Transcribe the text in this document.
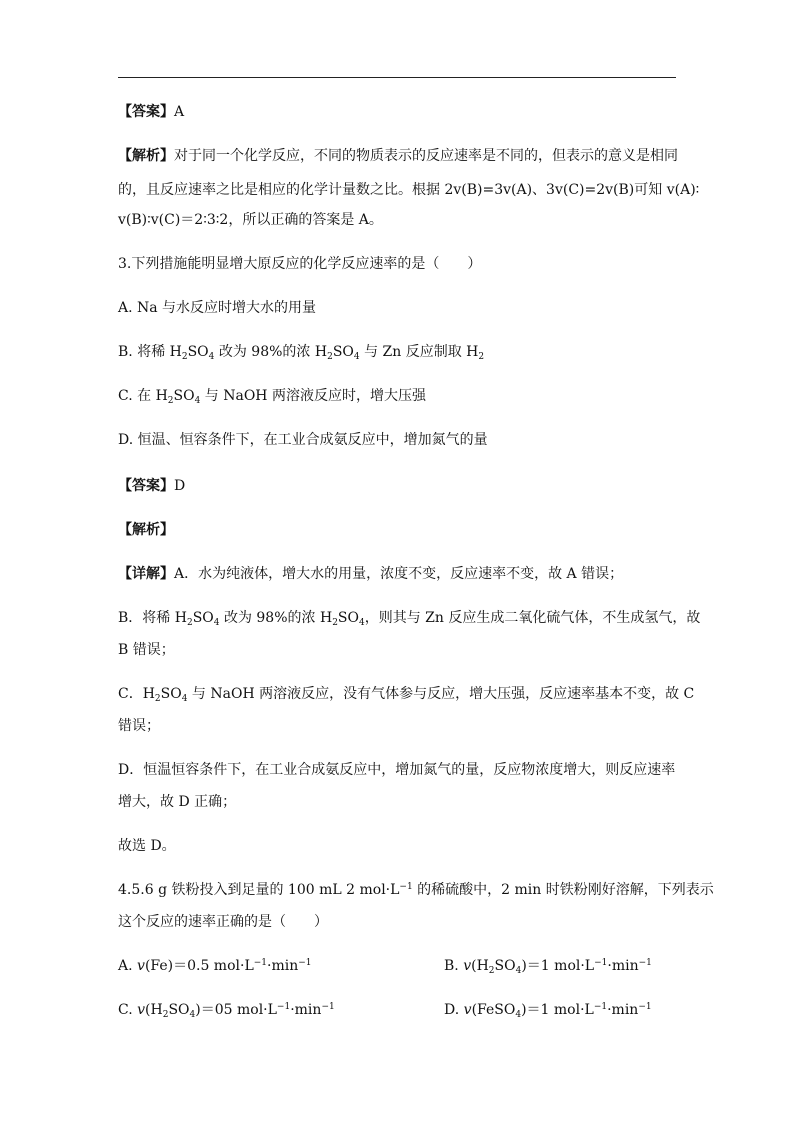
【答案】A
【解析】对于同一个化学反应，不同的物质表示的反应速率是不同的，但表示的意义是相同
的，且反应速率之比是相应的化学计量数之比。根据 2v(B)=3v(A)、3v(C)=2v(B)可知 v(A)∶
v(B)∶v(C)＝2∶3∶2，所以正确的答案是 A。
3.下列措施能明显增大原反应的化学反应速率的是（　　）
A. Na 与水反应时增大水的用量
B. 将稀 $H_2SO_4$ 改为 98%的浓 $H_2SO_4$ 与 Zn 反应制取 $H_2$
C. 在 $H_2SO_4$ 与 NaOH 两溶液反应时，增大压强
D. 恒温、恒容条件下，在工业合成氨反应中，增加氮气的量
【答案】D
【解析】
【详解】A．水为纯液体，增大水的用量，浓度不变，反应速率不变，故 A 错误；
B．将稀 $H_2SO_4$ 改为 98%的浓 $H_2SO_4$，则其与 Zn 反应生成二氧化硫气体，不生成氢气，故
B 错误；
C．$H_2SO_4$ 与 NaOH 两溶液反应，没有气体参与反应，增大压强，反应速率基本不变，故 C
错误；
D．恒温恒容条件下，在工业合成氨反应中，增加氮气的量，反应物浓度增大，则反应速率
增大，故 D 正确；
故选 D。
4.5.6 g 铁粉投入到足量的 100 mL 2 $mol\cdot L^{-1}$ 的稀硫酸中，2 min 时铁粉刚好溶解，下列表示
这个反应的速率正确的是（　　）
A. v(Fe)＝0.5 $mol\cdot L^{-1}\cdot\min^{-1}$	B. $v(H_2SO_4)=1$ $mol\cdot L^{-1}\cdot\min^{-1}$
C. $v(H_2SO_4)=05$ $mol\cdot L^{-1}\cdot\min^{-1}$	D. v(FeSO$_4$)＝1 $mol\cdot L^{-1}\cdot\min^{-1}$
